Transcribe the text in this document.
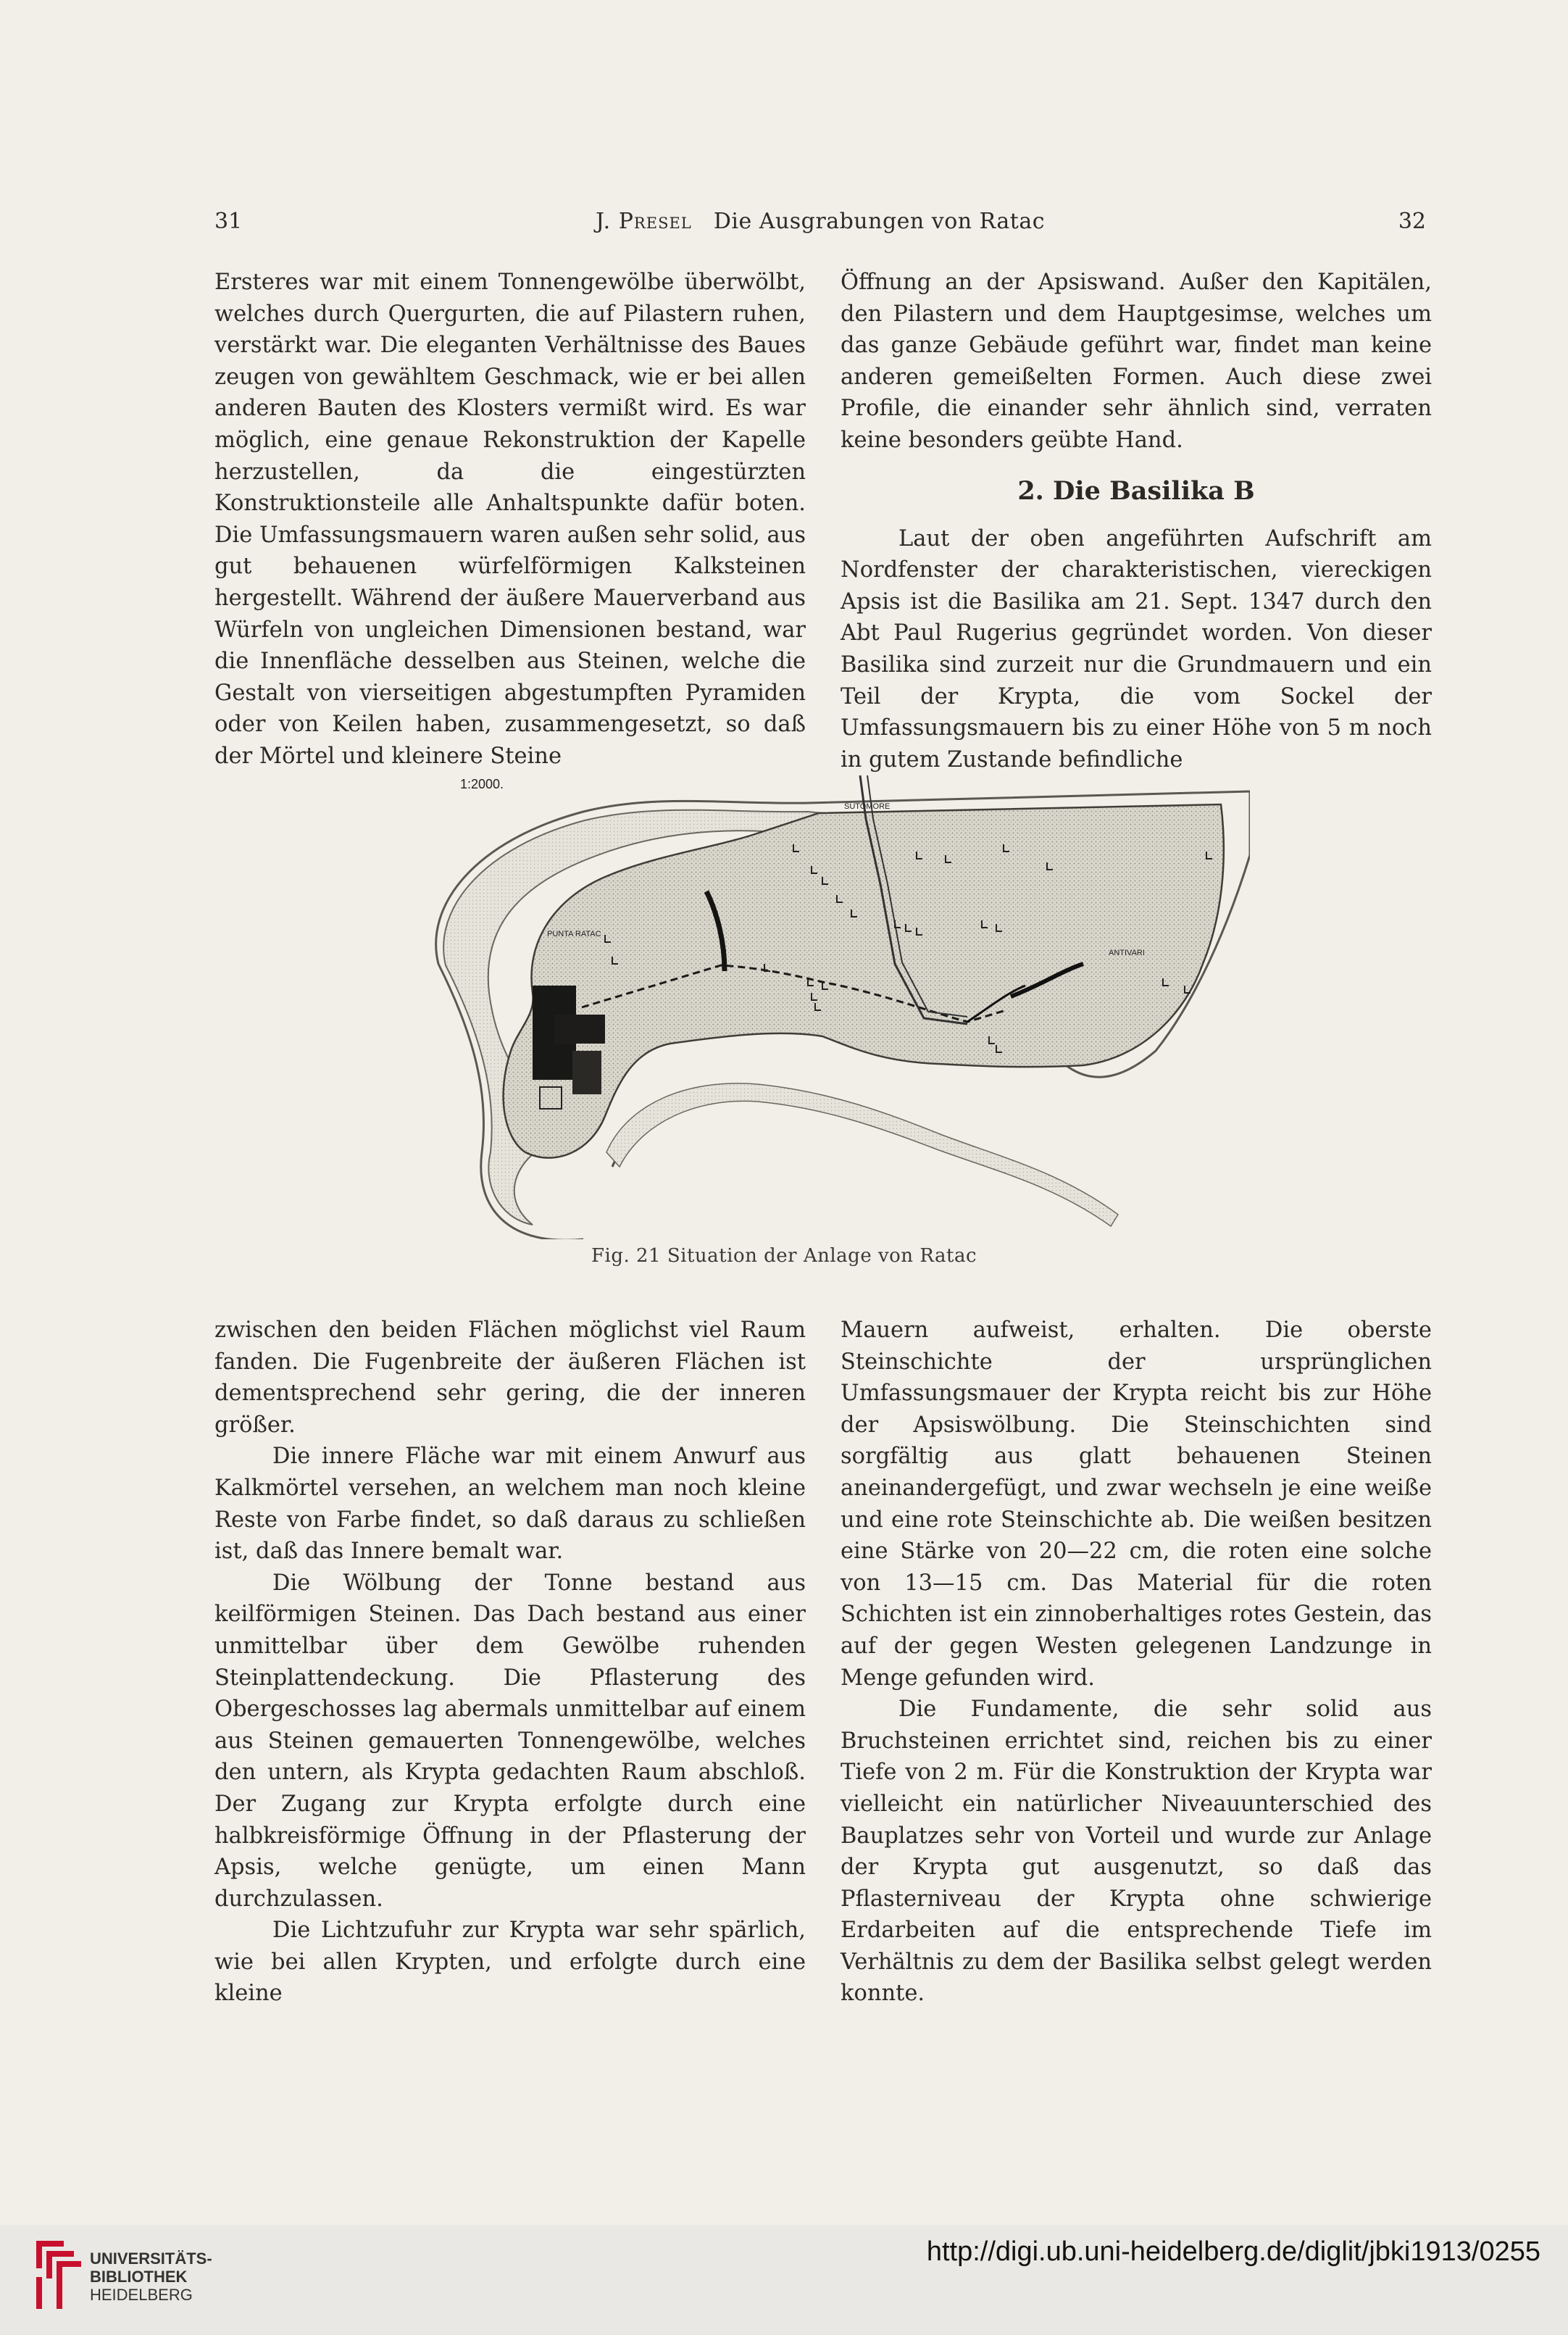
31	J. Presel Die Ausgrabungen von Ratac	32

Ersteres war mit einem Tonnengewölbe überwölbt, welches durch Quergurten, die auf Pilastern ruhen, verstärkt war. Die eleganten Verhältnisse des Baues zeugen von gewähltem Geschmack, wie er bei allen anderen Bauten des Klosters vermißt wird. Es war möglich, eine genaue Rekonstruktion der Kapelle herzustellen, da die eingestürzten Konstruktionsteile alle Anhaltspunkte dafür boten. Die Umfassungsmauern waren außen sehr solid, aus gut behauenen würfelförmigen Kalksteinen hergestellt. Während der äußere Mauerverband aus Würfeln von ungleichen Dimensionen bestand, war die Innenfläche desselben aus Steinen, welche die Gestalt von vierseitigen abgestumpften Pyramiden oder von Keilen haben, zusammengesetzt, so daß der Mörtel und kleinere Steine

Öffnung an der Apsiswand. Außer den Kapitälen, den Pilastern und dem Hauptgesimse, welches um das ganze Gebäude geführt war, findet man keine anderen gemeißelten Formen. Auch diese zwei Profile, die einander sehr ähnlich sind, verraten keine besonders geübte Hand.

2. Die Basilika B

Laut der oben angeführten Aufschrift am Nordfenster der charakteristischen, viereckigen Apsis ist die Basilika am 21. Sept. 1347 durch den Abt Paul Rugerius gegründet worden. Von dieser Basilika sind zurzeit nur die Grundmauern und ein Teil der Krypta, die vom Sockel der Umfassungsmauern bis zu einer Höhe von 5 m noch in gutem Zustande befindliche

1:2000.
SUTOMORE
PUNTA RATAC
ANTIVARI
Fig. 21 Situation der Anlage von Ratac

zwischen den beiden Flächen möglichst viel Raum fanden. Die Fugenbreite der äußeren Flächen ist dementsprechend sehr gering, die der inneren größer.

Die innere Fläche war mit einem Anwurf aus Kalkmörtel versehen, an welchem man noch kleine Reste von Farbe findet, so daß daraus zu schließen ist, daß das Innere bemalt war.

Die Wölbung der Tonne bestand aus keilförmigen Steinen. Das Dach bestand aus einer unmittelbar über dem Gewölbe ruhenden Steinplattendeckung. Die Pflasterung des Obergeschosses lag abermals unmittelbar auf einem aus Steinen gemauerten Tonnengewölbe, welches den untern, als Krypta gedachten Raum abschloß. Der Zugang zur Krypta erfolgte durch eine halbkreisförmige Öffnung in der Pflasterung der Apsis, welche genügte, um einen Mann durchzulassen.

Die Lichtzufuhr zur Krypta war sehr spärlich, wie bei allen Krypten, und erfolgte durch eine kleine

Mauern aufweist, erhalten. Die oberste Steinschichte der ursprünglichen Umfassungsmauer der Krypta reicht bis zur Höhe der Apsiswölbung. Die Steinschichten sind sorgfältig aus glatt behauenen Steinen aneinandergefügt, und zwar wechseln je eine weiße und eine rote Steinschichte ab. Die weißen besitzen eine Stärke von 20—22 cm, die roten eine solche von 13—15 cm. Das Material für die roten Schichten ist ein zinnoberhaltiges rotes Gestein, das auf der gegen Westen gelegenen Landzunge in Menge gefunden wird.

Die Fundamente, die sehr solid aus Bruchsteinen errichtet sind, reichen bis zu einer Tiefe von 2 m. Für die Konstruktion der Krypta war vielleicht ein natürlicher Niveauunterschied des Bauplatzes sehr von Vorteil und wurde zur Anlage der Krypta gut ausgenutzt, so daß das Pflasterniveau der Krypta ohne schwierige Erdarbeiten auf die entsprechende Tiefe im Verhältnis zu dem der Basilika selbst gelegt werden konnte.

UNIVERSITÄTS-
BIBLIOTHEK
HEIDELBERG
http://digi.ub.uni-heidelberg.de/diglit/jbki1913/0255
